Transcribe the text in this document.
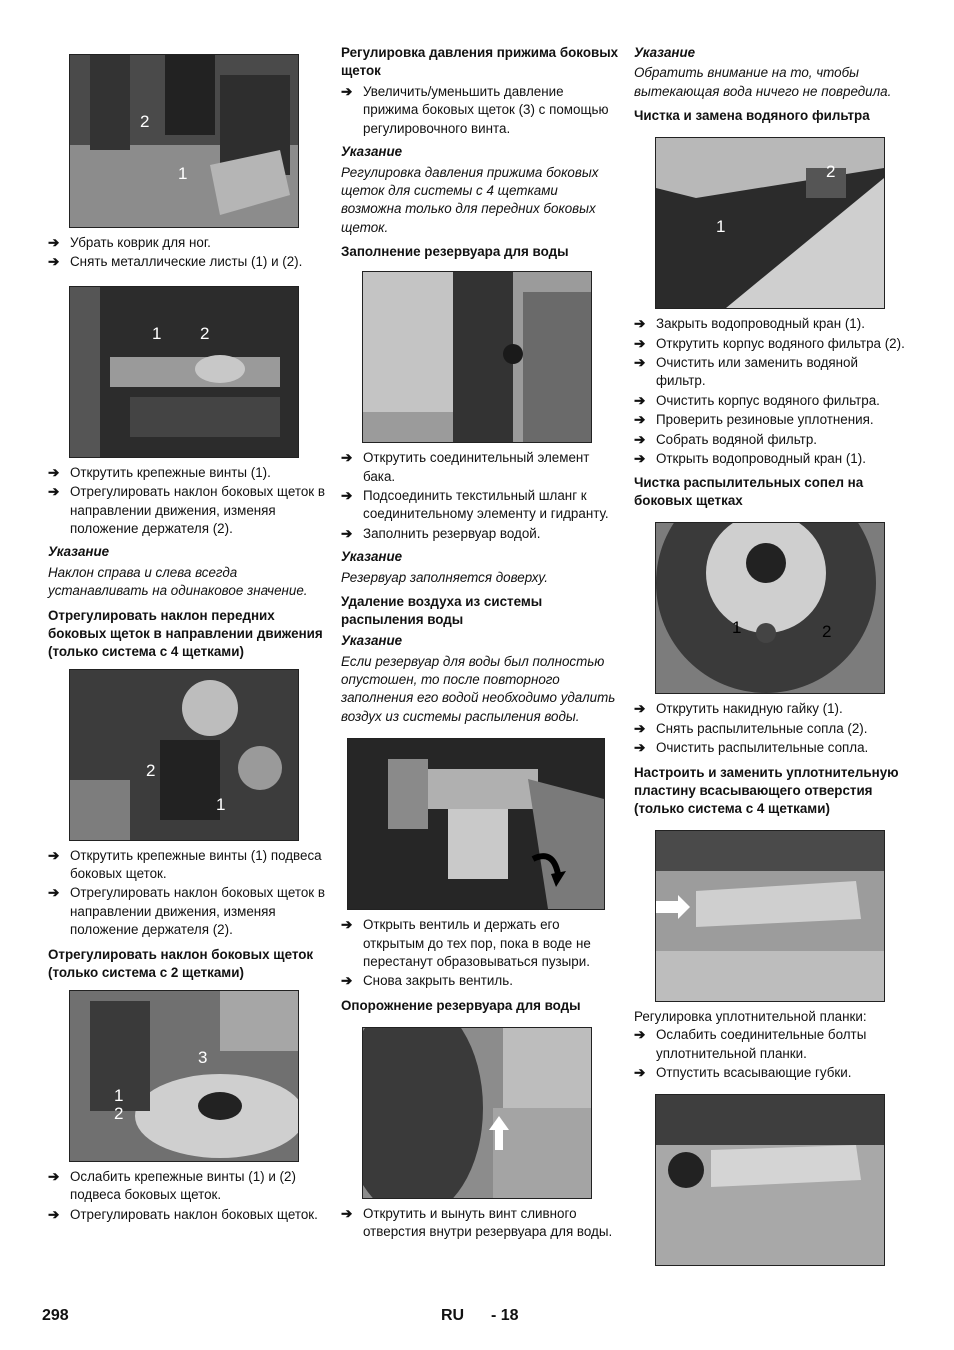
2
1
➔ Убрать коврик для ног.
➔ Снять металлические листы (1) и (2).
1 2
➔ Открутить крепежные винты (1).
➔ Отрегулировать наклон боковых щеток в направлении движения, изменяя положение держателя (2).
Указание
Наклон справа и слева всегда устанавливать на одинаковое значение.
Отрегулировать наклон передних боковых щеток в направлении движения (только система с 4 щетками)
2
1
➔ Открутить крепежные винты (1) подвеса боковых щеток.
➔ Отрегулировать наклон боковых щеток в направлении движения, изменяя положение держателя (2).
Отрегулировать наклон боковых щеток (только система с 2 щетками)
3
1
2
➔ Ослабить крепежные винты (1) и (2) подвеса боковых щеток.
➔ Отрегулировать наклон боковых щеток.
Регулировка давления прижима боковых щеток
➔ Увеличить/уменьшить давление прижима боковых щеток (3) с помощью регулировочного винта.
Указание
Регулировка давления прижима боковых щеток для системы с 4 щетками возможна только для передних боковых щеток.
Заполнение резервуара для воды
➔ Открутить соединительный элемент бака.
➔ Подсоединить текстильный шланг к соединительному элементу и гидранту.
➔ Заполнить резервуар водой.
Указание
Резервуар заполняется доверху.
Удаление воздуха из системы распыления воды
Указание
Если резервуар для воды был полностью опустошен, то после повторного заполнения его водой необходимо удалить воздух из системы распыления воды.
➔ Открыть вентиль и держать его открытым до тех пор, пока в воде не перестанут образовываться пузыри.
➔ Снова закрыть вентиль.
Опорожнение резервуара для воды
➔ Открутить и вынуть винт сливного отверстия внутри резервуара для воды.
Указание
Обратить внимание на то, чтобы вытекающая вода ничего не повредила.
Чистка и замена водяного фильтра
2
1
➔ Закрыть водопроводный кран (1).
➔ Открутить корпус водяного фильтра (2).
➔ Очистить или заменить водяной фильтр.
➔ Очистить корпус водяного фильтра.
➔ Проверить резиновые уплотнения.
➔ Собрать водяной фильтр.
➔ Открыть водопроводный кран (1).
Чистка распылительных сопел на боковых щетках
1	2
➔ Открутить накидную гайку (1).
➔ Снять распылительные сопла (2).
➔ Очистить распылительные сопла.
Настроить и заменить уплотнительную пластину всасывающего отверстия (только система с 4 щетками)
Регулировка уплотнительной планки:
➔ Ослабить соединительные болты уплотнительной планки.
➔ Отпустить всасывающие губки.
298	RU - 18
